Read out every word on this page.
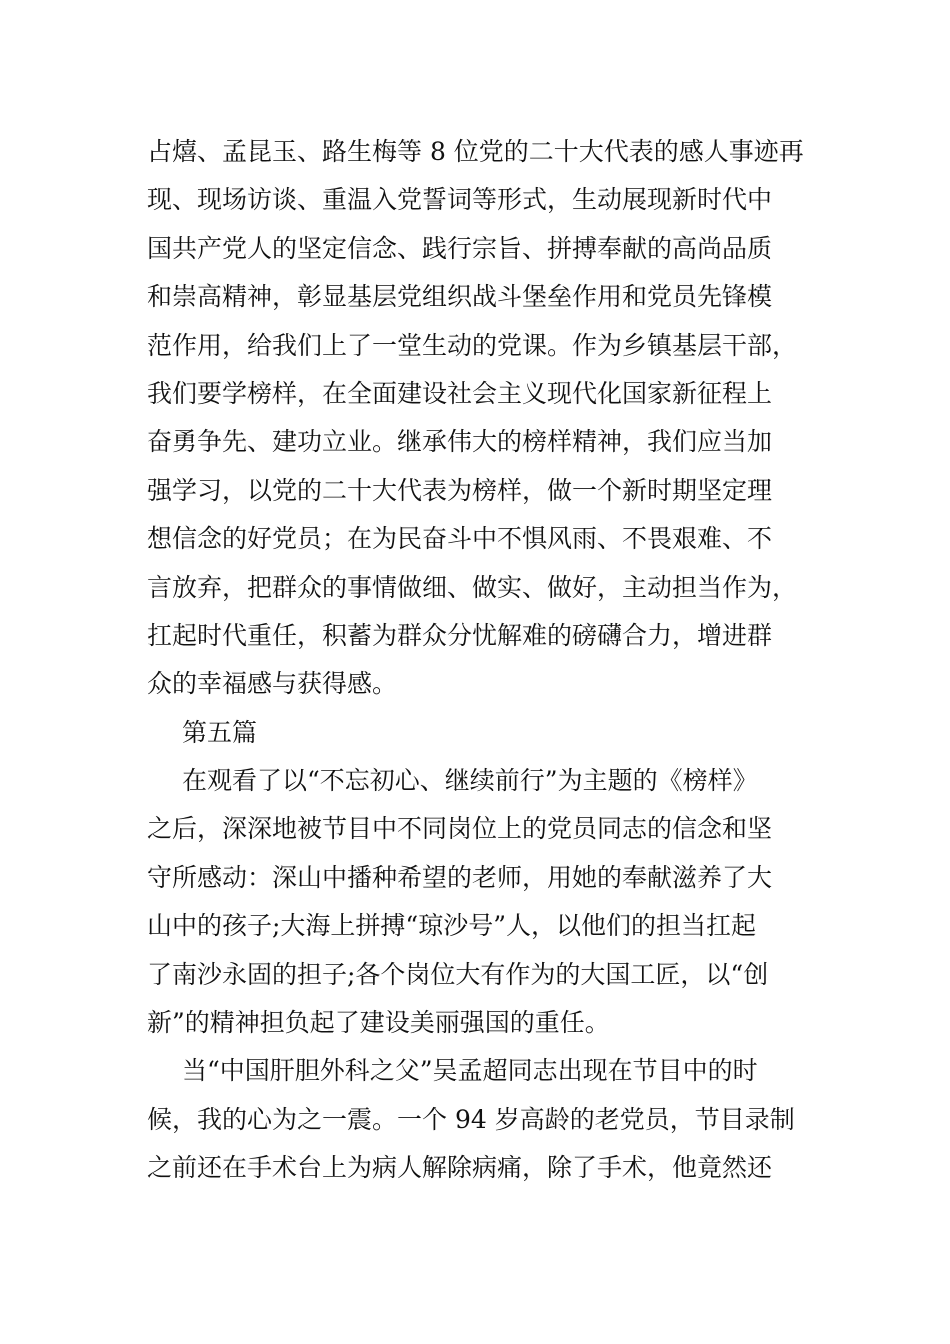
占熺、孟昆玉、路生梅等 8 位党的二十大代表的感人事迹再
现、现场访谈、重温入党誓词等形式，生动展现新时代中
国共产党人的坚定信念、践行宗旨、拼搏奉献的高尚品质
和崇高精神，彰显基层党组织战斗堡垒作用和党员先锋模
范作用，给我们上了一堂生动的党课。作为乡镇基层干部，
我们要学榜样，在全面建设社会主义现代化国家新征程上
奋勇争先、建功立业。继承伟大的榜样精神，我们应当加
强学习，以党的二十大代表为榜样，做一个新时期坚定理
想信念的好党员；在为民奋斗中不惧风雨、不畏艰难、不
言放弃，把群众的事情做细、做实、做好，主动担当作为，
扛起时代重任，积蓄为群众分忧解难的磅礴合力，增进群
众的幸福感与获得感。
第五篇
在观看了以“不忘初心、继续前行”为主题的《榜样》
之后，深深地被节目中不同岗位上的党员同志的信念和坚
守所感动：深山中播种希望的老师，用她的奉献滋养了大
山中的孩子;大海上拼搏“琼沙号”人，以他们的担当扛起
了南沙永固的担子;各个岗位大有作为的大国工匠，以“创
新”的精神担负起了建设美丽强国的重任。
当“中国肝胆外科之父”吴孟超同志出现在节目中的时
候，我的心为之一震。一个 94 岁高龄的老党员，节目录制
之前还在手术台上为病人解除病痛，除了手术，他竟然还
